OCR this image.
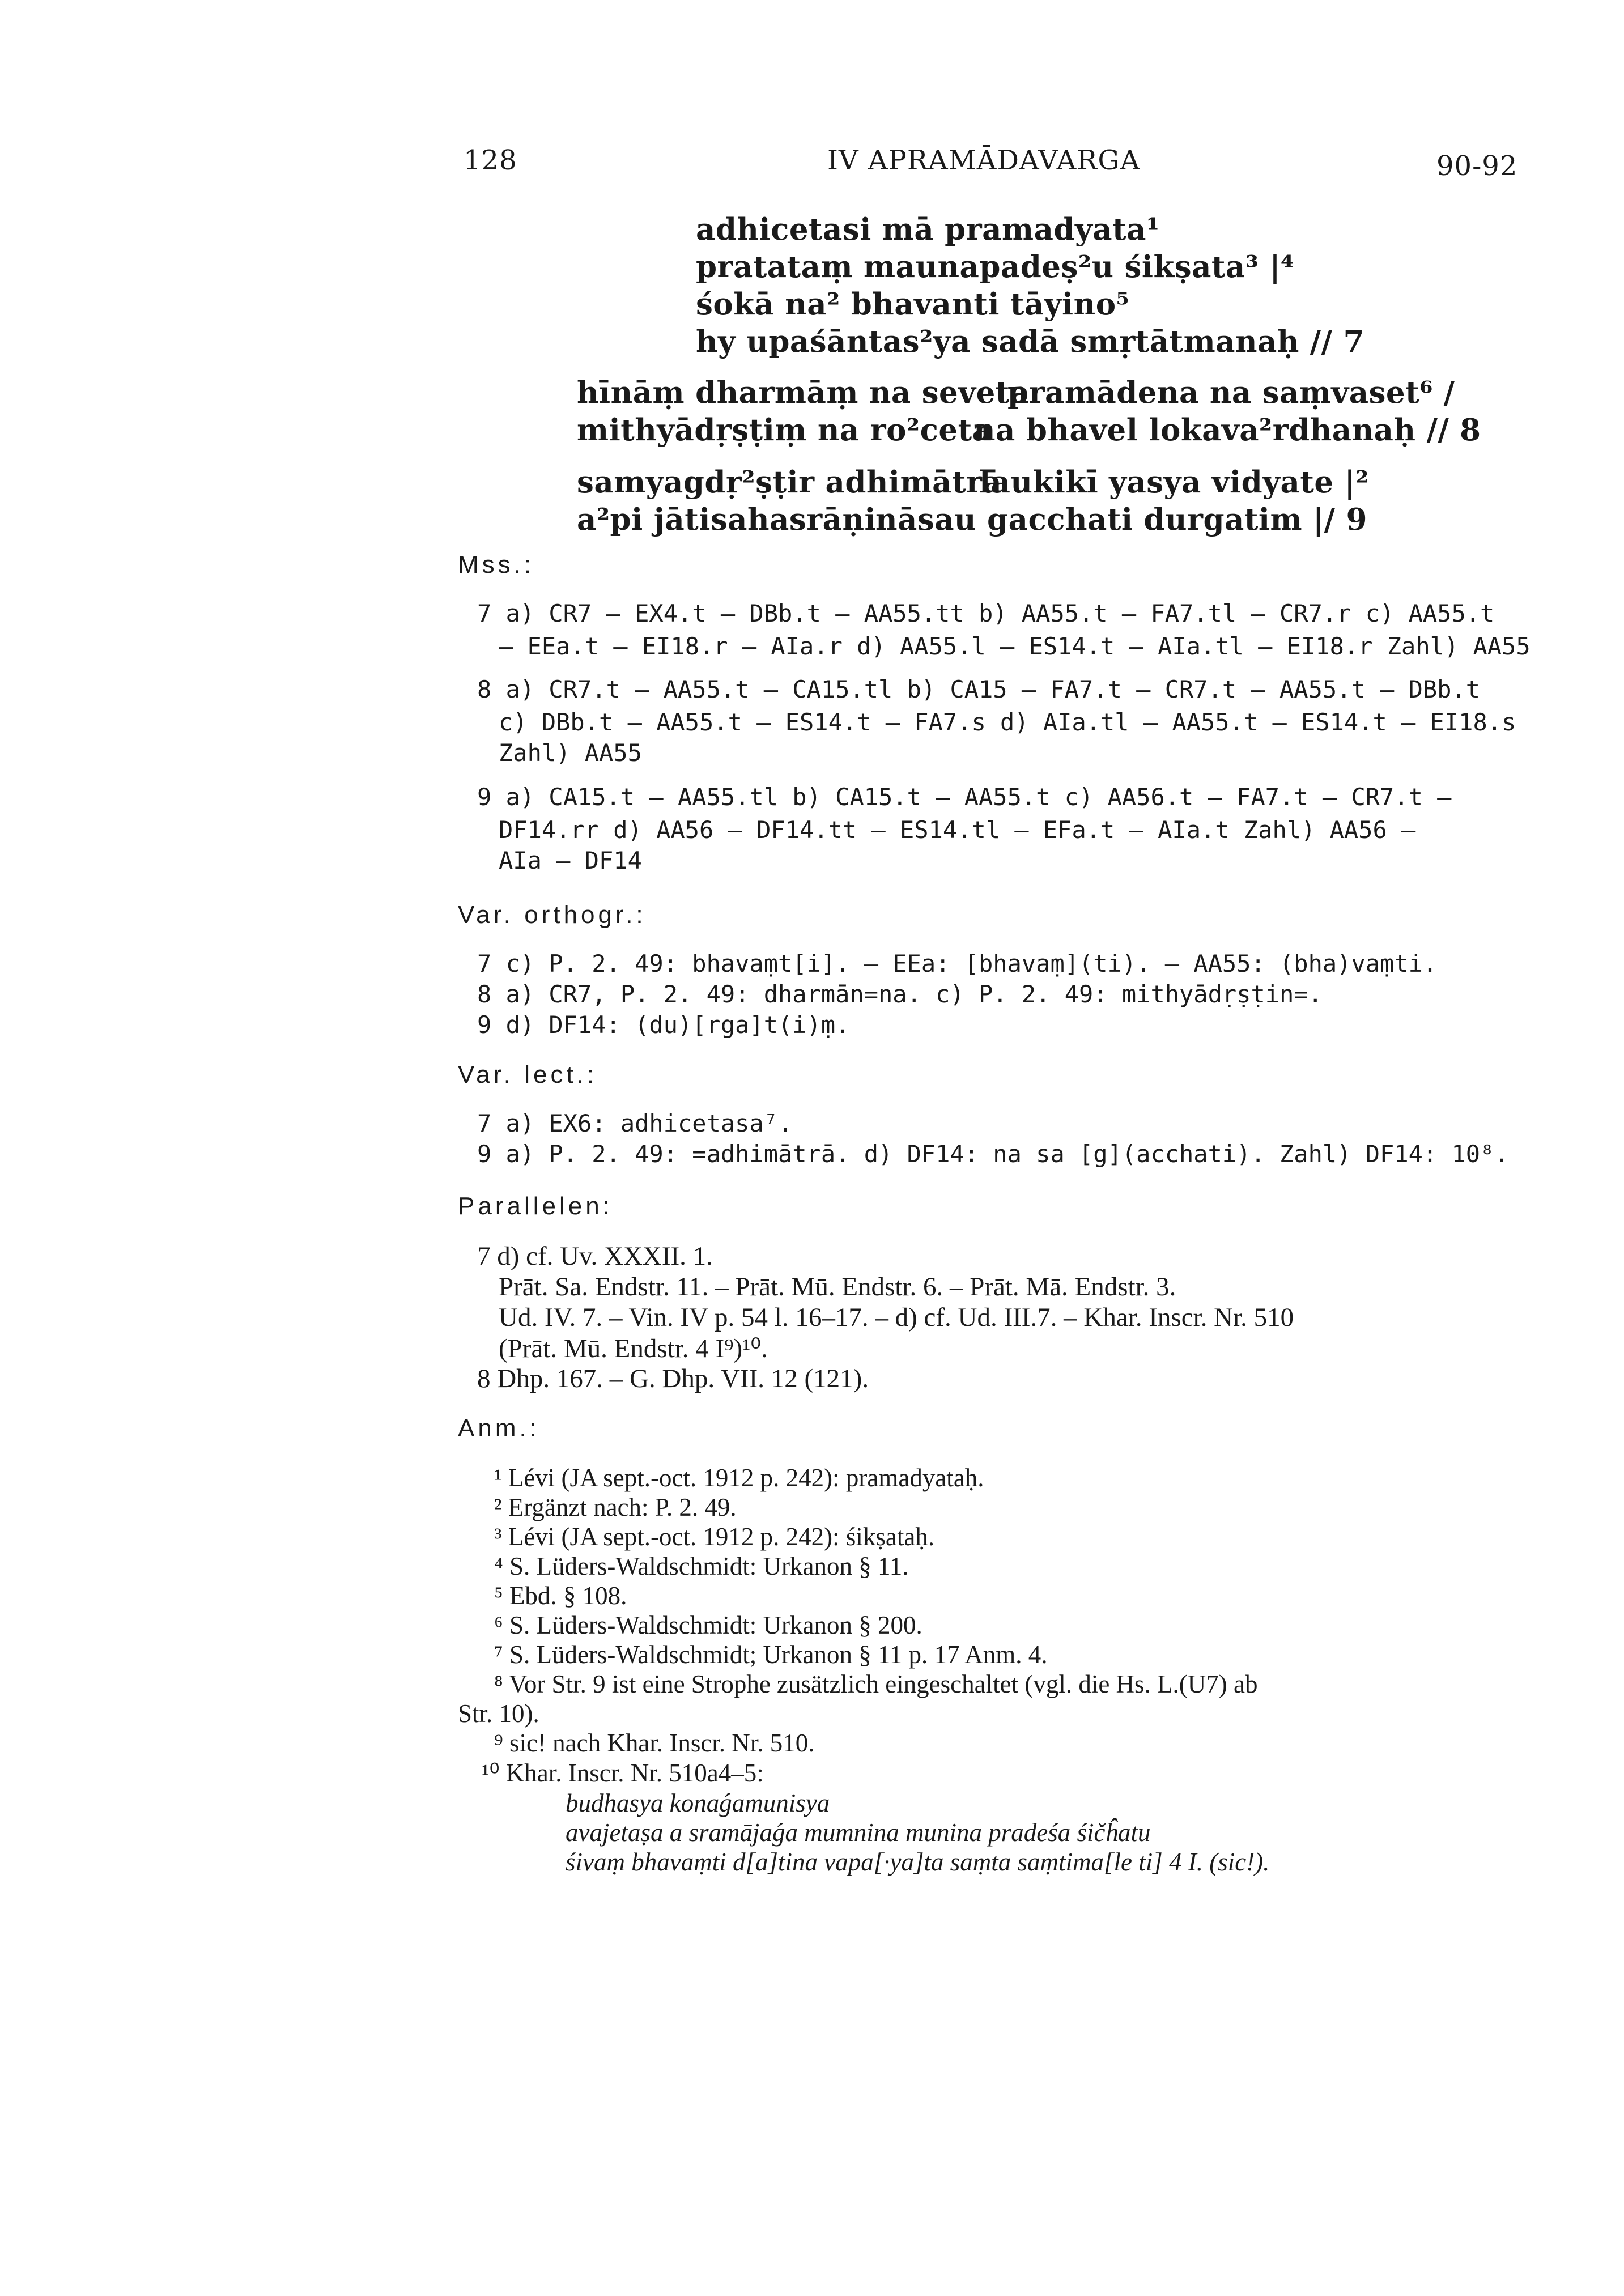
128	IV APRAMĀDAVARGA	90-92
adhicetasi mā pramadyata¹
pratataṃ maunapadeṣ²u śikṣata³ |⁴
śokā na² bhavanti tāyino⁵
hy upaśāntas²ya sadā smṛtātmanaḥ // 7
hīnāṃ dharmāṃ na seveta
pramādena na saṃvaset⁶ /
mithyādṛṣṭiṃ na ro²ceta
na bhavel lokava²rdhanaḥ // 8
samyagdṛ²ṣṭir adhimātrā
laukikī yasya vidyate |²
a²pi jātisahasrāṇi
nāsau gacchati durgatim |/ 9
Mss.:
7 a) CR7 – EX4.t – DBb.t – AA55.tt b) AA55.t – FA7.tl – CR7.r c) AA55.t
– EEa.t – EI18.r – AIa.r d) AA55.l – ES14.t – AIa.tl – EI18.r Zahl) AA55
8 a) CR7.t – AA55.t – CA15.tl b) CA15 – FA7.t – CR7.t – AA55.t – DBb.t
c) DBb.t – AA55.t – ES14.t – FA7.s d) AIa.tl – AA55.t – ES14.t – EI18.s
Zahl) AA55
9 a) CA15.t – AA55.tl b) CA15.t – AA55.t c) AA56.t – FA7.t – CR7.t –
DF14.rr d) AA56 – DF14.tt – ES14.tl – EFa.t – AIa.t Zahl) AA56 –
AIa – DF14
Var. orthogr.:
7 c) P. 2. 49: bhavaṃt[i]. – EEa: [bhavaṃ](ti). – AA55: (bha)vaṃti.
8 a) CR7, P. 2. 49: dharmān=na. c) P. 2. 49: mithyādṛṣṭin=.
9 d) DF14: (du)[rga]t(i)ṃ.
Var. lect.:
7 a) EX6: adhicetasa⁷.
9 a) P. 2. 49: =adhimātrā. d) DF14: na sa [g](acchati). Zahl) DF14: 10⁸.
Parallelen:
7 d) cf. Uv. XXXII. 1.
Prāt. Sa. Endstr. 11. – Prāt. Mū. Endstr. 6. – Prāt. Mā. Endstr. 3.
Ud. IV. 7. – Vin. IV p. 54 l. 16–17. – d) cf. Ud. III.7. – Khar. Inscr. Nr. 510
(Prāt. Mū. Endstr. 4 I⁹)¹⁰.
8 Dhp. 167. – G. Dhp. VII. 12 (121).
Anm.:
¹ Lévi (JA sept.-oct. 1912 p. 242): pramadyataḥ.
² Ergänzt nach: P. 2. 49.
³ Lévi (JA sept.-oct. 1912 p. 242): śikṣataḥ.
⁴ S. Lüders-Waldschmidt: Urkanon § 11.
⁵ Ebd. § 108.
⁶ S. Lüders-Waldschmidt: Urkanon § 200.
⁷ S. Lüders-Waldschmidt; Urkanon § 11 p. 17 Anm. 4.
⁸ Vor Str. 9 ist eine Strophe zusätzlich eingeschaltet (vgl. die Hs. L.(U7) ab
Str. 10).
⁹ sic! nach Khar. Inscr. Nr. 510.
¹⁰ Khar. Inscr. Nr. 510a4–5:
budhasya konaǵamunisya
avajetaṣa a sramājaǵa mumnina munina pradeśa śičĥatu
śivaṃ bhavaṃti d[a]tina vapa[·ya]ta saṃta saṃtima[le ti] 4 I. (sic!).
